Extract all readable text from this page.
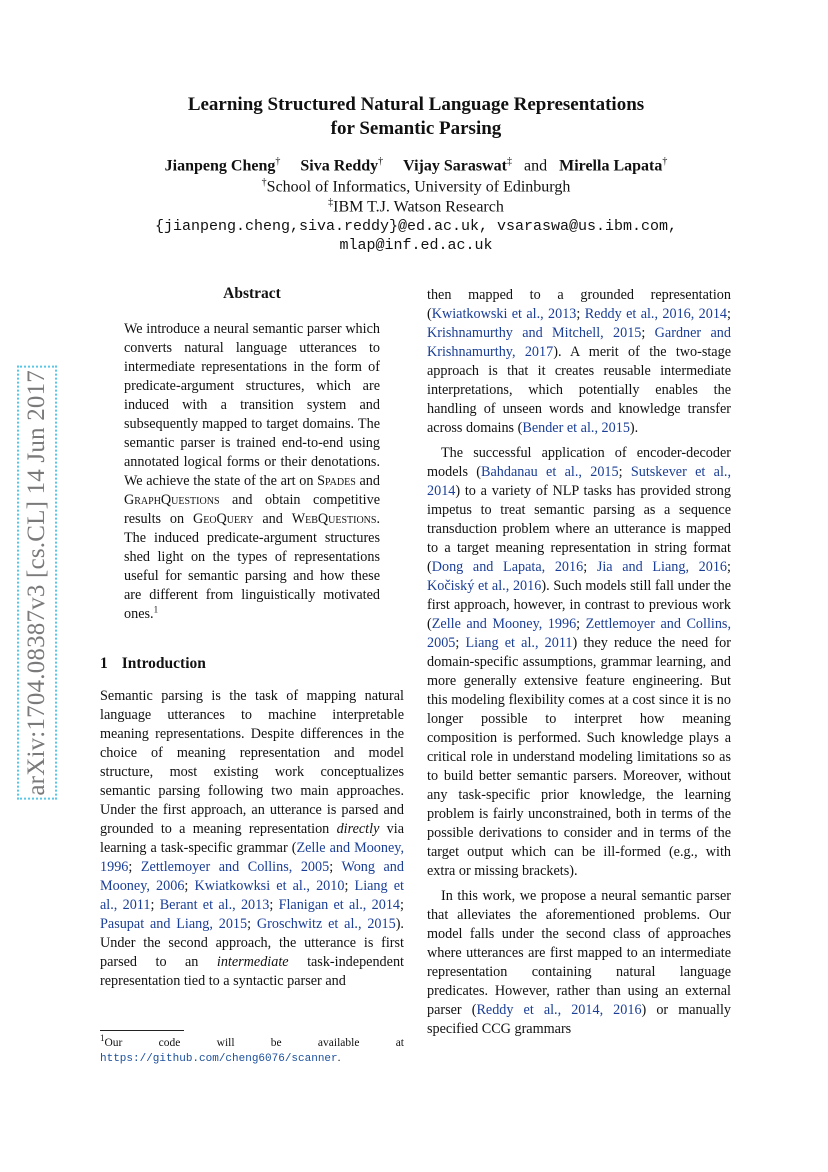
arXiv:1704.08387v3 [cs.CL] 14 Jun 2017
Learning Structured Natural Language Representations
for Semantic Parsing
Jianpeng Cheng† Siva Reddy† Vijay Saraswat‡ and Mirella Lapata†
†School of Informatics, University of Edinburgh
‡IBM T.J. Watson Research
{jianpeng.cheng,siva.reddy}@ed.ac.uk, vsaraswa@us.ibm.com,
mlap@inf.ed.ac.uk
Abstract
We introduce a neural semantic parser which converts natural language utterances to intermediate representations in the form of predicate-argument structures, which are induced with a transition system and subsequently mapped to target domains. The semantic parser is trained end-to-end using annotated logical forms or their denotations. We achieve the state of the art on Spades and GraphQuestions and obtain competitive results on GeoQuery and WebQuestions. The induced predicate-argument structures shed light on the types of representations useful for semantic parsing and how these are different from linguistically motivated ones.$^1$
1 Introduction

Semantic parsing is the task of mapping natural language utterances to machine interpretable meaning representations. Despite differences in the choice of meaning representation and model structure, most existing work conceptualizes semantic parsing following two main approaches. Under the first approach, an utterance is parsed and grounded to a meaning representation directly via learning a task-specific grammar (Zelle and Mooney, 1996; Zettlemoyer and Collins, 2005; Wong and Mooney, 2006; Kwiatkowksi et al., 2010; Liang et al., 2011; Berant et al., 2013; Flanigan et al., 2014; Pasupat and Liang, 2015; Groschwitz et al., 2015). Under the second approach, the utterance is first parsed to an intermediate task-independent representation tied to a syntactic parser and

$^1$Our code will be available at https://github.com/cheng6076/scanner.

then mapped to a grounded representation (Kwiatkowski et al., 2013; Reddy et al., 2016, 2014; Krishnamurthy and Mitchell, 2015; Gardner and Krishnamurthy, 2017). A merit of the two-stage approach is that it creates reusable intermediate interpretations, which potentially enables the handling of unseen words and knowledge transfer across domains (Bender et al., 2015).

The successful application of encoder-decoder models (Bahdanau et al., 2015; Sutskever et al., 2014) to a variety of NLP tasks has provided strong impetus to treat semantic parsing as a sequence transduction problem where an utterance is mapped to a target meaning representation in string format (Dong and Lapata, 2016; Jia and Liang, 2016; Kočiský et al., 2016). Such models still fall under the first approach, however, in contrast to previous work (Zelle and Mooney, 1996; Zettlemoyer and Collins, 2005; Liang et al., 2011) they reduce the need for domain-specific assumptions, grammar learning, and more generally extensive feature engineering. But this modeling flexibility comes at a cost since it is no longer possible to interpret how meaning composition is performed. Such knowledge plays a critical role in understand modeling limitations so as to build better semantic parsers. Moreover, without any task-specific prior knowledge, the learning problem is fairly unconstrained, both in terms of the possible derivations to consider and in terms of the target output which can be ill-formed (e.g., with extra or missing brackets).

In this work, we propose a neural semantic parser that alleviates the aforementioned problems. Our model falls under the second class of approaches where utterances are first mapped to an intermediate representation containing natural language predicates. However, rather than using an external parser (Reddy et al., 2014, 2016) or manually specified CCG grammars
